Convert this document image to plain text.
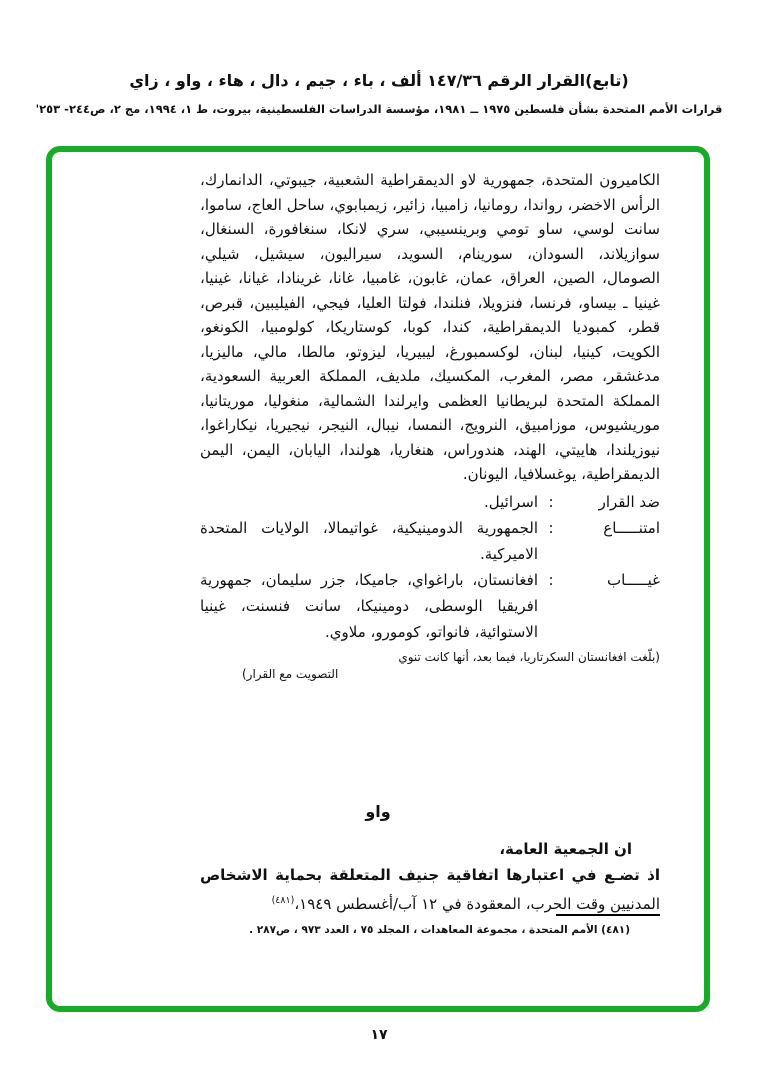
(تابع)القرار الرقم ١٤٧/٣٦ ألف ، باء ، جيم ، دال ، هاء ، واو ، زاي
قرارات الأمم المتحدة بشأن فلسطين ١٩٧٥ ــ ١٩٨١، مؤسسة الدراسات الفلسطينية، بيروت، ط ١، ١٩٩٤، مج ٢، ص٢٤٤- ٢٥٣'

الكاميرون المتحدة، جمهورية لاو الديمقراطية الشعبية، جيبوتي، الدانمارك، الرأس الاخضر، رواندا، رومانيا، زامبيا، زائير، زيمبابوي، ساحل العاج، ساموا، سانت لوسي، ساو تومي وبرينسيبي، سري لانكا، سنغافورة، السنغال، سوازيلاند، السودان، سورينام، السويد، سيراليون، سيشيل، شيلي، الصومال، الصين، العراق، عمان، غابون، غامبيا، غانا، غرينادا، غيانا، غينيا، غينيا ـ بيساو، فرنسا، فنزويلا، فنلندا، فولتا العليا، فيجي، الفيليبين، قبرص، قطر، كمبوديا الديمقراطية، كندا، كوبا، كوستاريكا، كولومبيا، الكونغو، الكويت، كينيا، لبنان، لوكسمبورغ، ليبيريا، ليزوتو، مالطا، مالي، ماليزيا، مدغشقر، مصر، المغرب، المكسيك، ملديف، المملكة العربية السعودية، المملكة المتحدة لبريطانيا العظمى وايرلندا الشمالية، منغوليا، موريتانيا، موريشيوس، موزامبيق، النرويج، النمسا، نيبال، النيجر، نيجيريا، نيكاراغوا، نيوزيلندا، هاييتي، الهند، هندوراس، هنغاريا، هولندا، اليابان، اليمن، اليمن الديمقراطية، يوغسلافيا، اليونان.

ضد القرار
:
اسرائيل.
امتنـــــاع
:
الجمهورية الدومينيكية، غواتيمالا، الولايات المتحدة الاميركية.
غيـــــاب
:
افغانستان، باراغواي، جاميكا، جزر سليمان، جمهورية افريقيا الوسطى، دومينيكا، سانت فنسنت، غينيا الاستوائية، فانواتو، كومورو، ملاوي.
(بلّغت افغانستان السكرتاريا، فيما بعد، أنها كانت تنوي
التصويت مع القرار)
واو
ان الجمعية العامة،

اذ تضـع في اعتبارها اتفاقية جنيف المتعلقة بحماية الاشخاص المدنيين وقت الحرب، المعقودة في ١٢ آب/أغسطس ١٩٤٩،$^{(٤٨١)}$

(٤٨١) الأمم المتحدة ، مجموعة المعاهدات ، المجلد ٧٥ ، العدد ٩٧٣ ، ص٢٨٧ .
١٧
